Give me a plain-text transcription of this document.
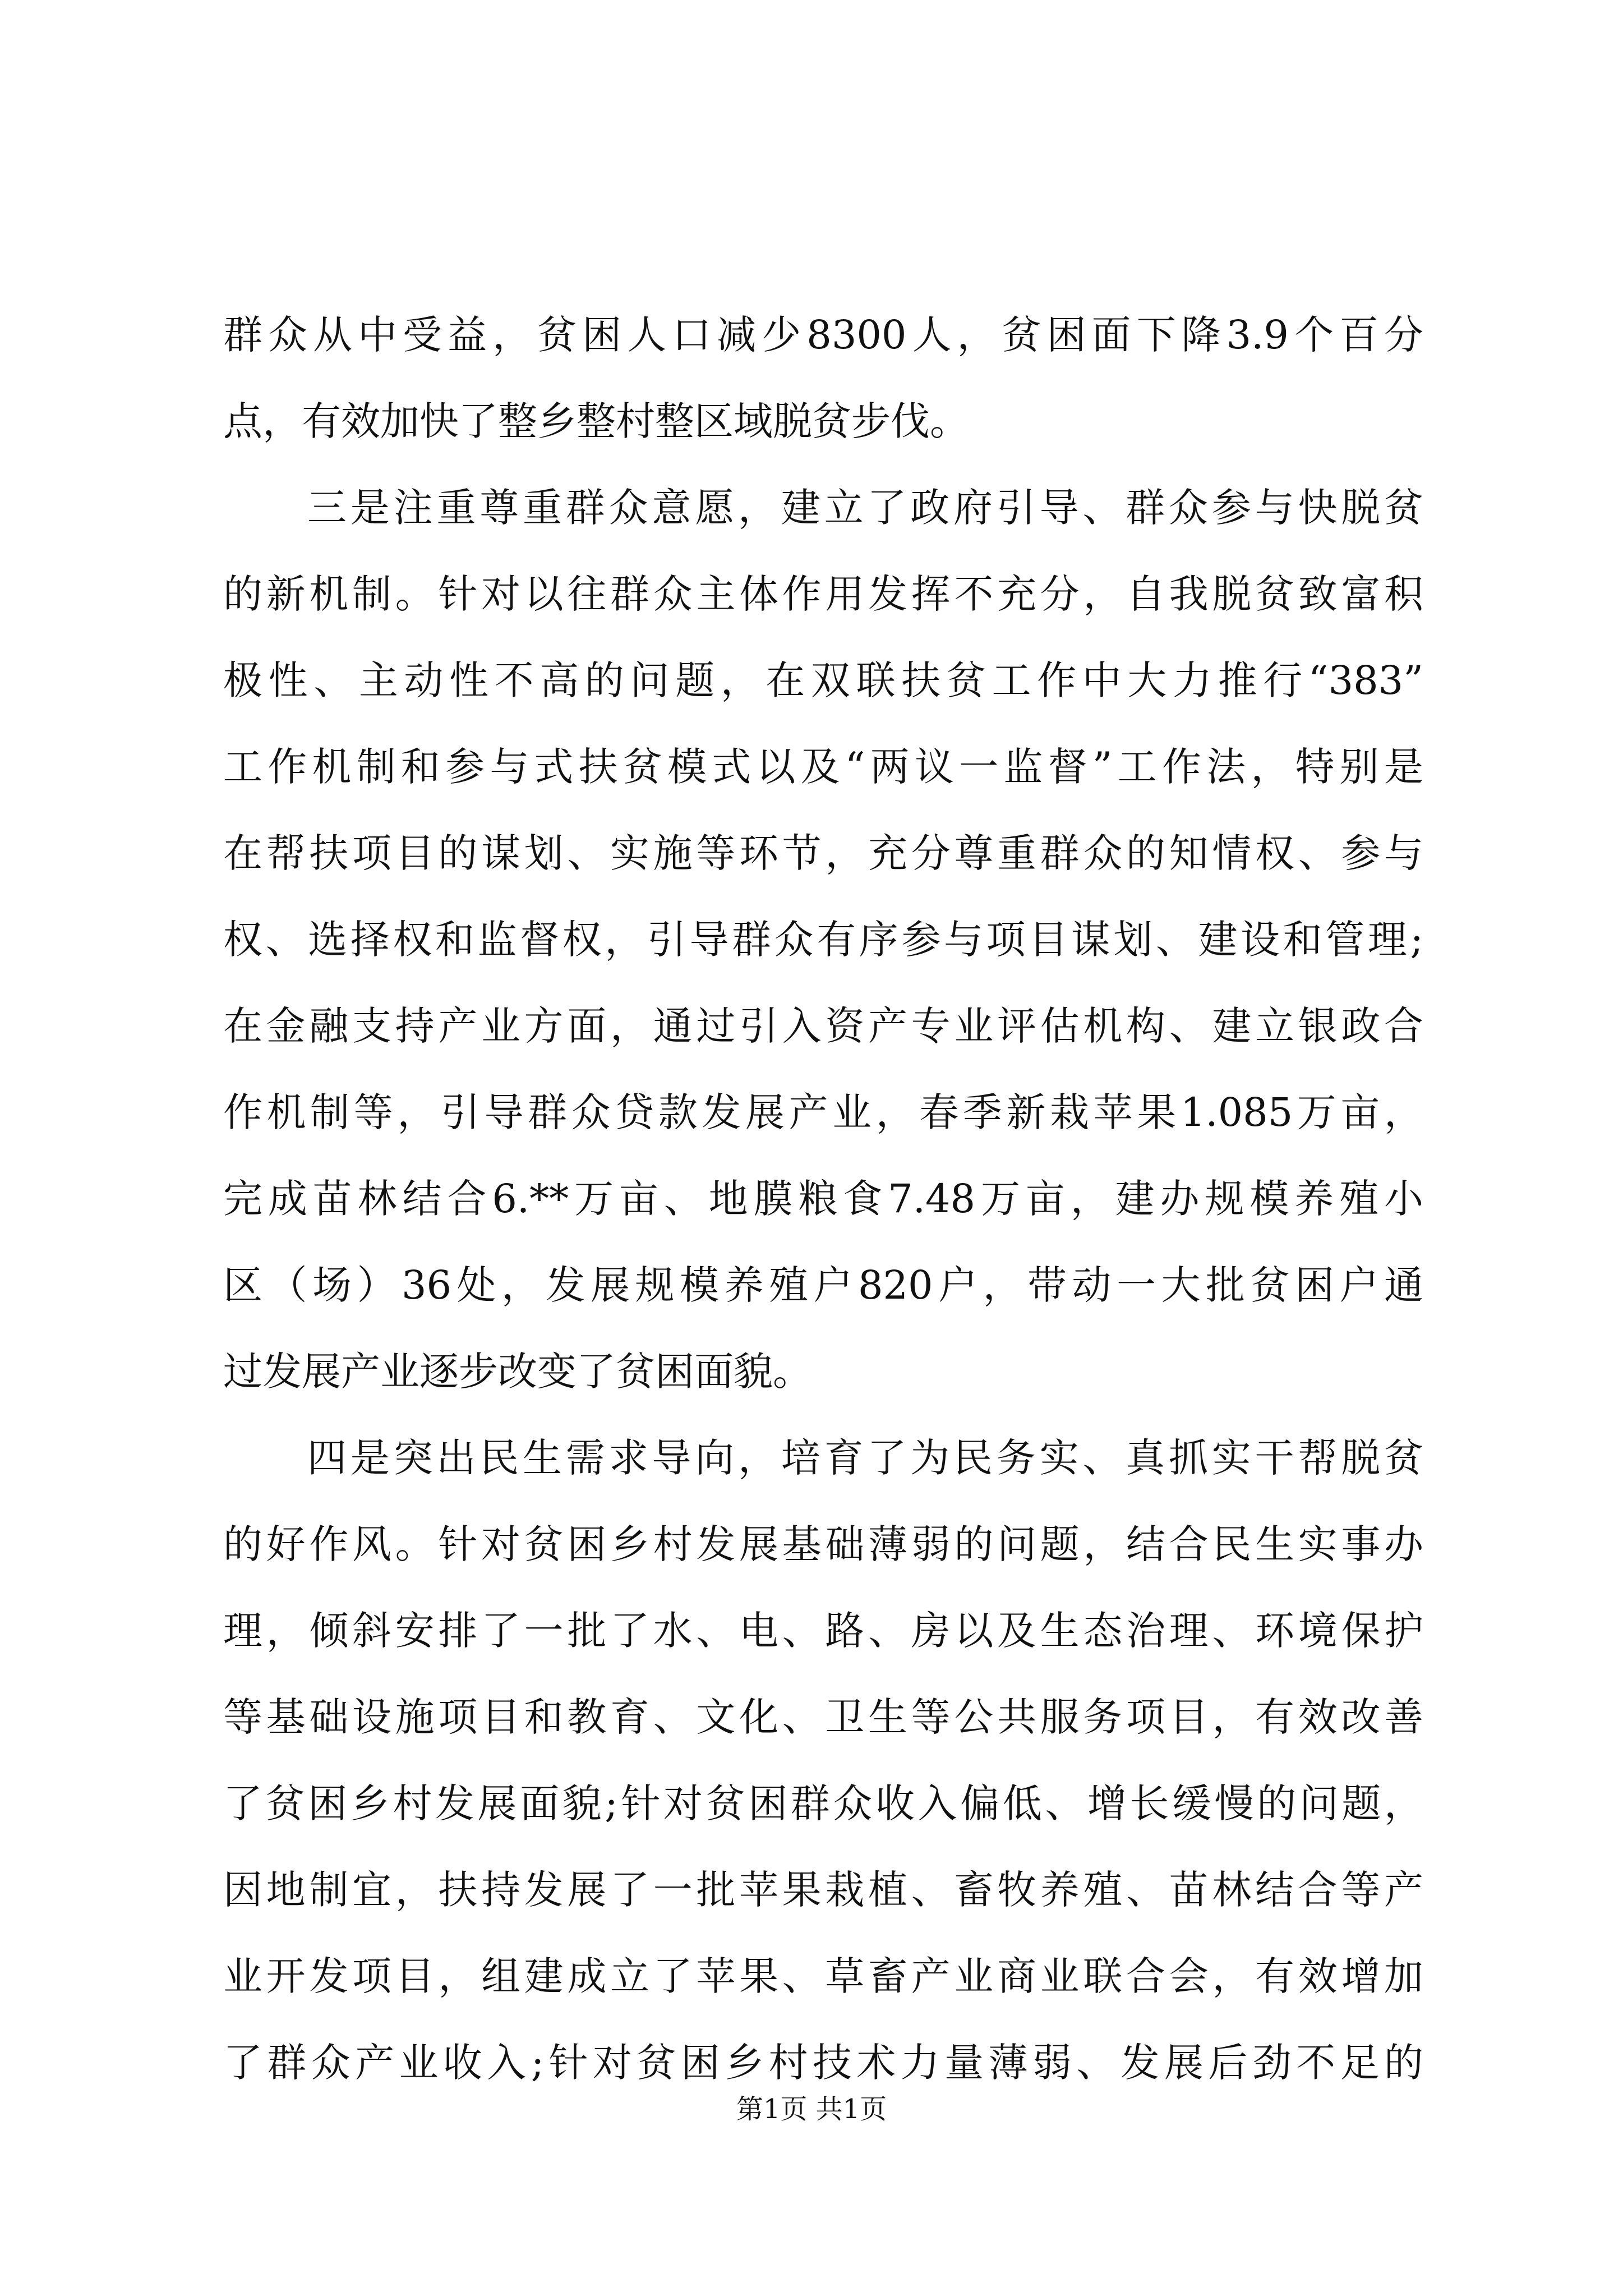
群众从中受益，贫困人口减少8300人，贫困面下降3.9个百分
点，有效加快了整乡整村整区域脱贫步伐。
三是注重尊重群众意愿，建立了政府引导、群众参与快脱贫
的新机制。针对以往群众主体作用发挥不充分，自我脱贫致富积
极性、主动性不高的问题，在双联扶贫工作中大力推行“383”
工作机制和参与式扶贫模式以及“两议一监督”工作法，特别是
在帮扶项目的谋划、实施等环节，充分尊重群众的知情权、参与
权、选择权和监督权，引导群众有序参与项目谋划、建设和管理;
在金融支持产业方面，通过引入资产专业评估机构、建立银政合
作机制等，引导群众贷款发展产业，春季新栽苹果1.085万亩，
完成苗林结合6.**万亩、地膜粮食7.48万亩，建办规模养殖小
区（场）36处，发展规模养殖户820户，带动一大批贫困户通
过发展产业逐步改变了贫困面貌。
四是突出民生需求导向，培育了为民务实、真抓实干帮脱贫
的好作风。针对贫困乡村发展基础薄弱的问题，结合民生实事办
理，倾斜安排了一批了水、电、路、房以及生态治理、环境保护
等基础设施项目和教育、文化、卫生等公共服务项目，有效改善
了贫困乡村发展面貌;针对贫困群众收入偏低、增长缓慢的问题，
因地制宜，扶持发展了一批苹果栽植、畜牧养殖、苗林结合等产
业开发项目，组建成立了苹果、草畜产业商业联合会，有效增加
了群众产业收入;针对贫困乡村技术力量薄弱、发展后劲不足的
第1页 共1页
